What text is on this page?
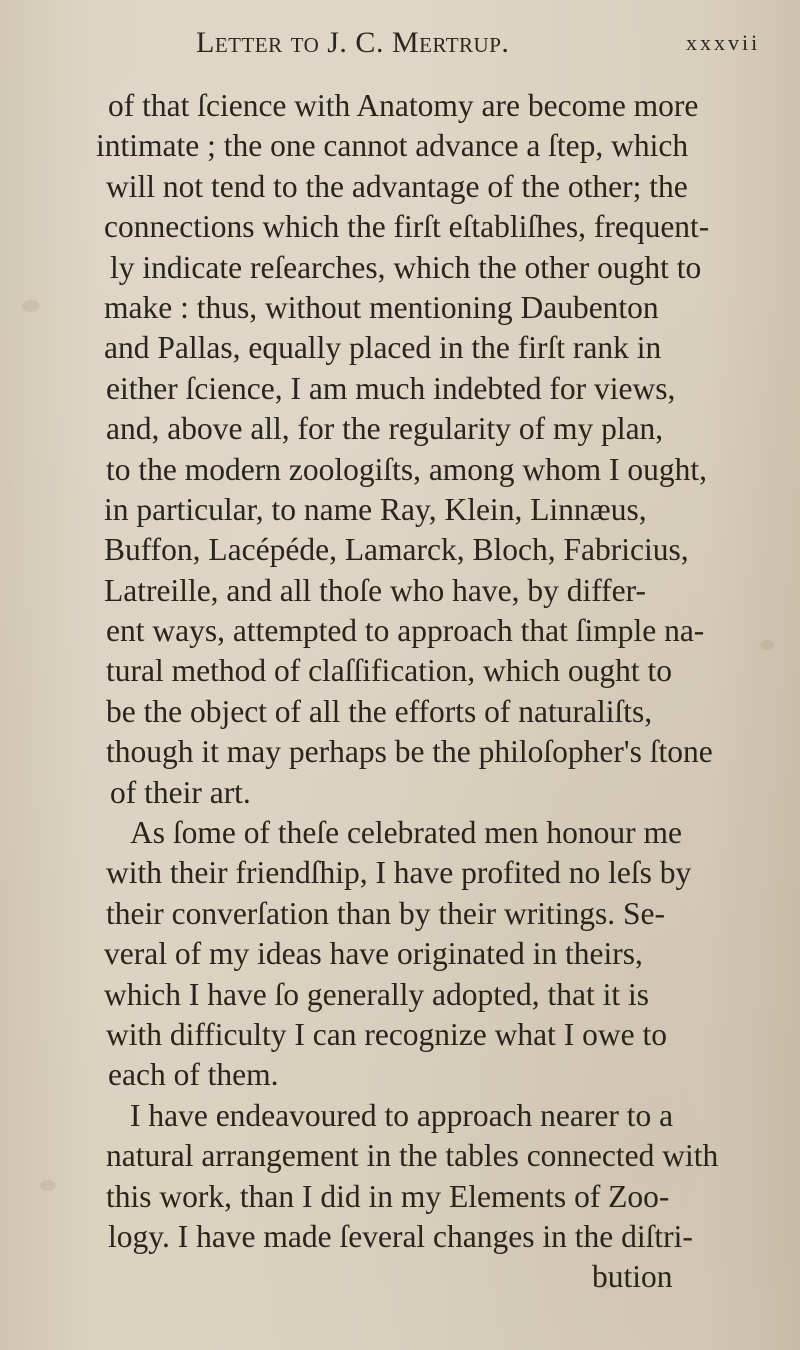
Letter to J. C. Mertrup.	xxxvii
of that ſcience with Anatomy are become more
intimate ; the one cannot advance a ſtep, which
will not tend to the advantage of the other; the
connections which the firſt eſtabliſhes, frequent-
ly indicate reſearches, which the other ought to
make : thus, without mentioning Daubenton
and Pallas, equally placed in the firſt rank in
either ſcience, I am much indebted for views,
and, above all, for the regularity of my plan,
to the modern zoologiſts, among whom I ought,
in particular, to name Ray, Klein, Linnæus,
Buffon, Lacépéde, Lamarck, Bloch, Fabricius,
Latreille, and all thoſe who have, by differ-
ent ways, attempted to approach that ſimple na-
tural method of claſſification, which ought to
be the object of all the efforts of naturaliſts,
though it may perhaps be the philoſopher's ſtone
of their art.
As ſome of theſe celebrated men honour me
with their friendſhip, I have profited no leſs by
their converſation than by their writings. Se-
veral of my ideas have originated in theirs,
which I have ſo generally adopted, that it is
with difficulty I can recognize what I owe to
each of them.
I have endeavoured to approach nearer to a
natural arrangement in the tables connected with
this work, than I did in my Elements of Zoo-
logy. I have made ſeveral changes in the diſtri-
bution
